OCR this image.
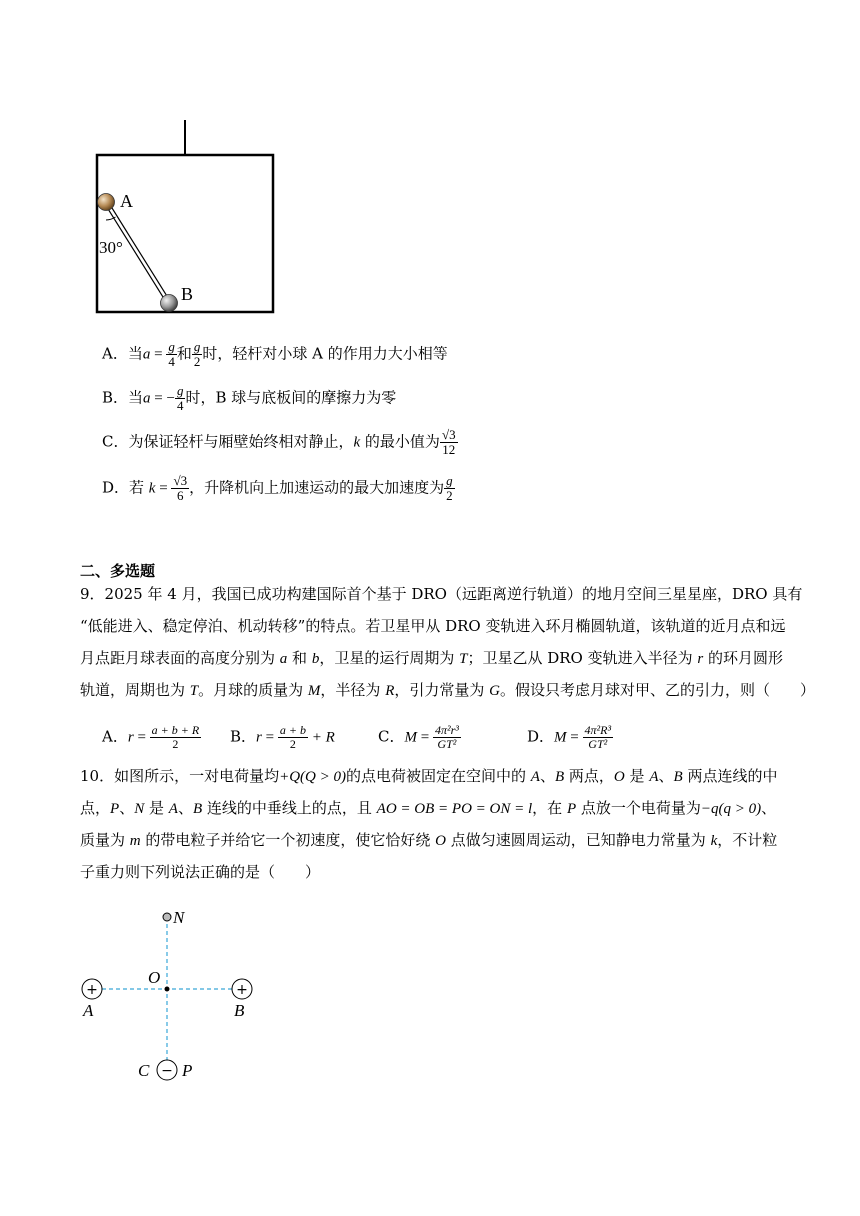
A
B
30°
A．当$a = \frac{g}{4}$ 和 $\frac{g}{2}$ 时，轻杆对小球 A 的作用力大小相等
B．当a = − $\frac{g}{4}$ 时，B 球与底板间的摩擦力为零
C．为保证轻杆与厢壁始终相对静止，k 的最小值为 $\frac{√3}{12}$
D．若 $k = \frac{√3}{6}$ ，升降机向上加速运动的最大加速度为 $\frac{g}{2}$
二、多选题
9．2025 年 4 月，我国已成功构建国际首个基于 DRO（远距离逆行轨道）的地月空间三星星座，DRO 具有
“低能进入、稳定停泊、机动转移”的特点。若卫星甲从 DRO 变轨进入环月椭圆轨道，该轨道的近月点和远
月点距月球表面的高度分别为 a 和 b，卫星的运行周期为 T；卫星乙从 DRO 变轨进入半径为 r 的环月圆形
轨道，周期也为 T。月球的质量为 M，半径为 R，引力常量为 G。假设只考虑月球对甲、乙的引力，则（　　）
A．$r = \frac{a + b + R}{2}$ B．$r = \frac{a + b}{2} + R$	C．$M = \frac{\text{4π²r³}}{\text{GT²}}$	D．$M = \frac{\text{4π²R³}}{\text{GT²}}$
10．如图所示，一对电荷量均+Q(Q > 0)的点电荷被固定在空间中的 A、B 两点，O 是 A、B 两点连线的中
点，P、N 是 A、B 连线的中垂线上的点，且 AO = OB = PO = ON = l，在 P 点放一个电荷量为−q(q > 0)、
质量为 m 的带电粒子并给它一个初速度，使它恰好绕 O 点做匀速圆周运动，已知静电力常量为 k，不计粒
子重力则下列说法正确的是（　　）
+	+
−
N
O
A	B
C P
